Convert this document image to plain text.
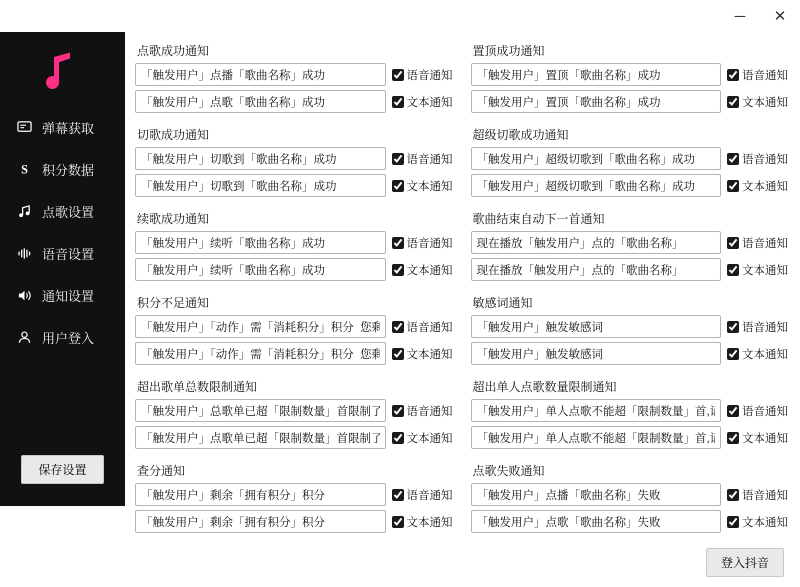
─	✕
弹幕获取
S 积分数据
点歌设置
语音设置
通知设置
用户登入
保存设置
点歌成功通知
「触发用户」点播「歌曲名称」成功
语音通知
「触发用户」点歌「歌曲名称」成功
文本通知
置顶成功通知
「触发用户」置顶「歌曲名称」成功
语音通知
「触发用户」置顶「歌曲名称」成功
文本通知
切歌成功通知
「触发用户」切歌到「歌曲名称」成功
语音通知
「触发用户」切歌到「歌曲名称」成功
文本通知
超级切歌成功通知
「触发用户」超级切歌到「歌曲名称」成功
语音通知
「触发用户」超级切歌到「歌曲名称」成功
文本通知
续歌成功通知
「触发用户」续听「歌曲名称」成功
语音通知
「触发用户」续听「歌曲名称」成功
文本通知
歌曲结束自动下一首通知
现在播放「触发用户」点的「歌曲名称」
语音通知
现在播放「触发用户」点的「歌曲名称」
文本通知
积分不足通知
「触发用户」「动作」需「消耗积分」积分 您剩余 「拥
语音通知
「触发用户」「动作」需「消耗积分」积分 您剩余 「拥
文本通知
敏感词通知
「触发用户」触发敏感词
语音通知
「触发用户」触发敏感词
文本通知
超出歌单总数限制通知
「触发用户」总歌单已超「限制数量」首限制了,请您稍
语音通知
「触发用户」点歌单已超「限制数量」首限制了,请您稍
文本通知
超出单人点歌数量限制通知
「触发用户」单人点歌不能超「限制数量」首,请您稍后
语音通知
「触发用户」单人点歌不能超「限制数量」首,请您稍后
文本通知
查分通知
「触发用户」剩余「拥有积分」积分
语音通知
「触发用户」剩余「拥有积分」积分
文本通知
点歌失败通知
「触发用户」点播「歌曲名称」失败
语音通知
「触发用户」点歌「歌曲名称」失败
文本通知
登入抖音
